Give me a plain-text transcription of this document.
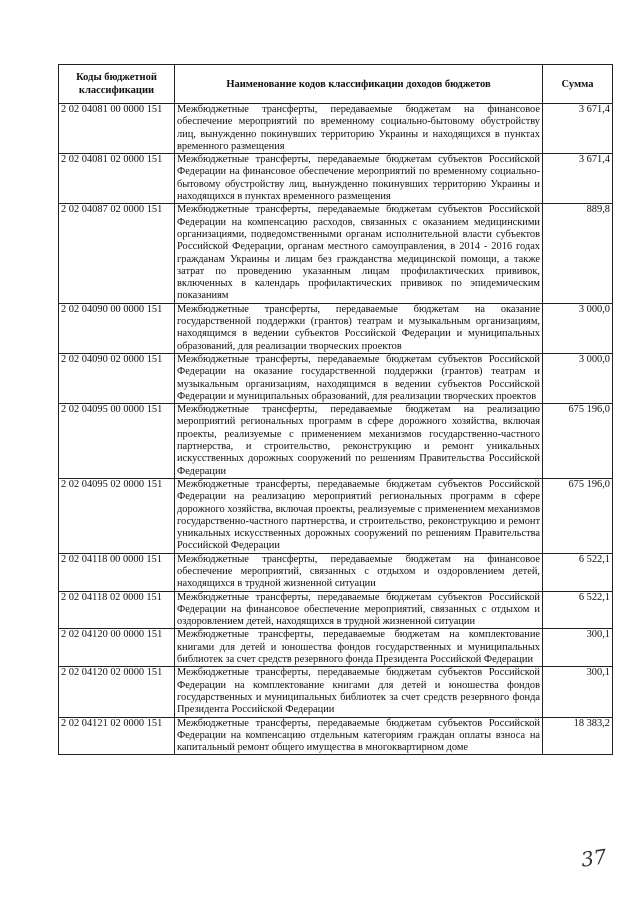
Коды бюджетной классификации	Наименование кодов классификации доходов бюджетов	Сумма
2 02 04081 00 0000 151	Межбюджетные трансферты, передаваемые бюджетам на финансовое обеспечение мероприятий по временному социально-бытовому обустройству лиц, вынужденно покинувших территорию Украины и находящихся в пунктах временного размещения	3 671,4
2 02 04081 02 0000 151	Межбюджетные трансферты, передаваемые бюджетам субъектов Российской Федерации на финансовое обеспечение мероприятий по временному социально-бытовому обустройству лиц, вынужденно покинувших территорию Украины и находящихся в пунктах временного размещения	3 671,4
2 02 04087 02 0000 151	Межбюджетные трансферты, передаваемые бюджетам субъектов Российской Федерации на компенсацию расходов, связанных с оказанием медицинскими организациями, подведомственными органам исполнительной власти субъектов Российской Федерации, органам местного самоуправления, в 2014 - 2016 годах гражданам Украины и лицам без гражданства медицинской помощи, а также затрат по проведению указанным лицам профилактических прививок, включенных в календарь профилактических прививок по эпидемическим показаниям	889,8
2 02 04090 00 0000 151	Межбюджетные трансферты, передаваемые бюджетам на оказание государственной поддержки (грантов) театрам и музыкальным организациям, находящимся в ведении субъектов Российской Федерации и муниципальных образований, для реализации творческих проектов	3 000,0
2 02 04090 02 0000 151	Межбюджетные трансферты, передаваемые бюджетам субъектов Российской Федерации на оказание государственной поддержки (грантов) театрам и музыкальным организациям, находящимся в ведении субъектов Российской Федерации и муниципальных образований, для реализации творческих проектов	3 000,0
2 02 04095 00 0000 151	Межбюджетные трансферты, передаваемые бюджетам на реализацию мероприятий региональных программ в сфере дорожного хозяйства, включая проекты, реализуемые с применением механизмов государственно-частного партнерства, и строительство, реконструкцию и ремонт уникальных искусственных дорожных сооружений по решениям Правительства Российской Федерации	675 196,0
2 02 04095 02 0000 151	Межбюджетные трансферты, передаваемые бюджетам субъектов Российской Федерации на реализацию мероприятий региональных программ в сфере дорожного хозяйства, включая проекты, реализуемые с применением механизмов государственно-частного партнерства, и строительство, реконструкцию и ремонт уникальных искусственных дорожных сооружений по решениям Правительства Российской Федерации	675 196,0
2 02 04118 00 0000 151	Межбюджетные трансферты, передаваемые бюджетам на финансовое обеспечение мероприятий, связанных с отдыхом и оздоровлением детей, находящихся в трудной жизненной ситуации	6 522,1
2 02 04118 02 0000 151	Межбюджетные трансферты, передаваемые бюджетам субъектов Российской Федерации на финансовое обеспечение мероприятий, связанных с отдыхом и оздоровлением детей, находящихся в трудной жизненной ситуации	6 522,1
2 02 04120 00 0000 151	Межбюджетные трансферты, передаваемые бюджетам на комплектование книгами для детей и юношества фондов государственных и муниципальных библиотек за счет средств резервного фонда Президента Российской Федерации	300,1
2 02 04120 02 0000 151	Межбюджетные трансферты, передаваемые бюджетам субъектов Российской Федерации на комплектование книгами для детей и юношества фондов государственных и муниципальных библиотек за счет средств резервного фонда Президента Российской Федерации	300,1
2 02 04121 02 0000 151	Межбюджетные трансферты, передаваемые бюджетам субъектов Российской Федерации на компенсацию отдельным категориям граждан оплаты взноса на капитальный ремонт общего имущества в многоквартирном доме	18 383,2
37
